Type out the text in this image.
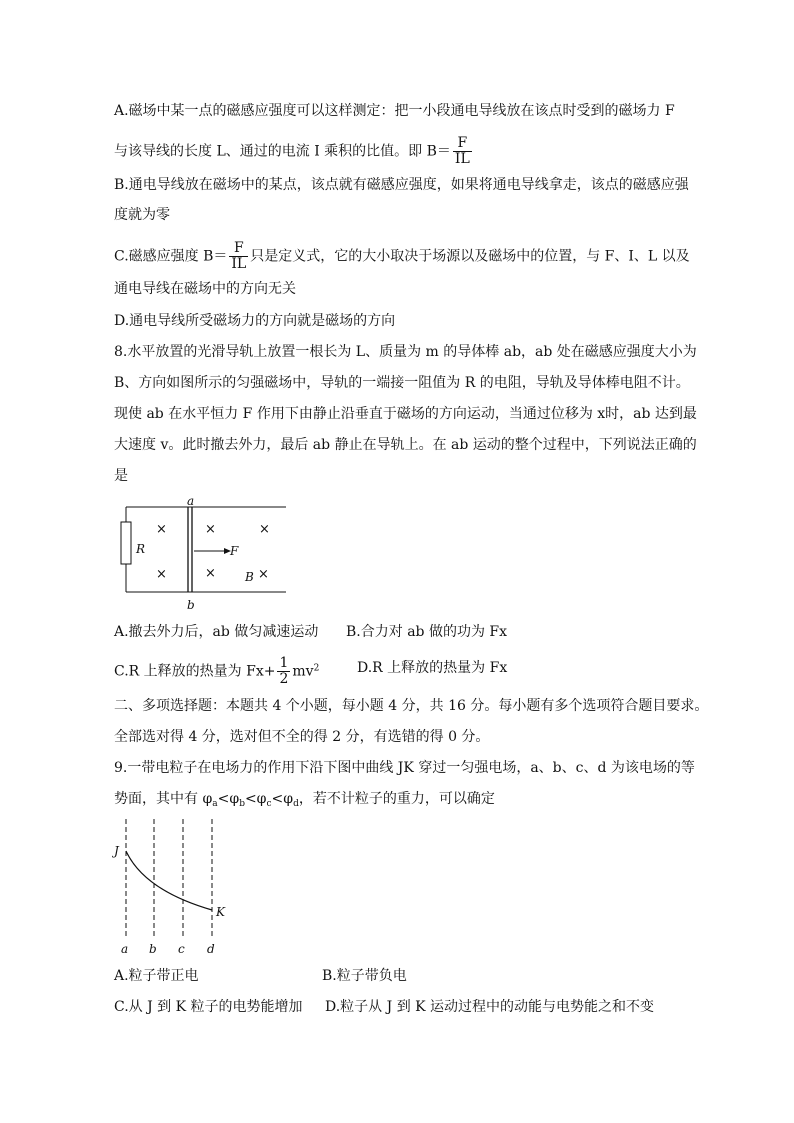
A.磁场中某一点的磁感应强度可以这样测定：把一小段通电导线放在该点时受到的磁场力 F
与该导线的长度 L、通过的电流 I 乘积的比值。即 $B= \frac{F}{IL}$
B.通电导线放在磁场中的某点，该点就有磁感应强度，如果将通电导线拿走，该点的磁感应强
度就为零
C.磁感应强度 $B= \frac{F}{IL}$ 只是定义式，它的大小取决于场源以及磁场中的位置，与 F、I、L 以及
通电导线在磁场中的方向无关
D.通电导线所受磁场力的方向就是磁场的方向
8.水平放置的光滑导轨上放置一根长为 L、质量为 m 的导体棒 ab，ab 处在磁感应强度大小为
B、方向如图所示的匀强磁场中，导轨的一端接一阻值为 R 的电阻，导轨及导体棒电阻不计。
现使 ab 在水平恒力 F 作用下由静止沿垂直于磁场的方向运动，当通过位移为 x时，ab 达到最
大速度 v。此时撤去外力，最后 ab 静止在导轨上。在 ab 运动的整个过程中，下列说法正确的
是
×
×
×
×
×
×
a
b
R	F
B
A.撤去外力后，ab 做匀减速运动 B.合力对 ab 做的功为 Fx
C.R 上释放的热量为 $Fx+ \frac{1}{2} mv^2$	D.R 上释放的热量为 Fx
二、多项选择题：本题共 4 个小题，每小题 4 分，共 16 分。每小题有多个选项符合题目要求。
全部选对得 4 分，选对但不全的得 2 分，有选错的得 0 分。
9.一带电粒子在电场力的作用下沿下图中曲线 JK 穿过一匀强电场，a、b、c、d 为该电场的等
势面，其中有 $\varphi_a<\varphi_b<\varphi_c<\varphi_d$，若不计粒子的重力，可以确定
J
K
a b c d
A.粒子带正电	B.粒子带负电
C.从 J 到 K 粒子的电势能增加 D.粒子从 J 到 K 运动过程中的动能与电势能之和不变
